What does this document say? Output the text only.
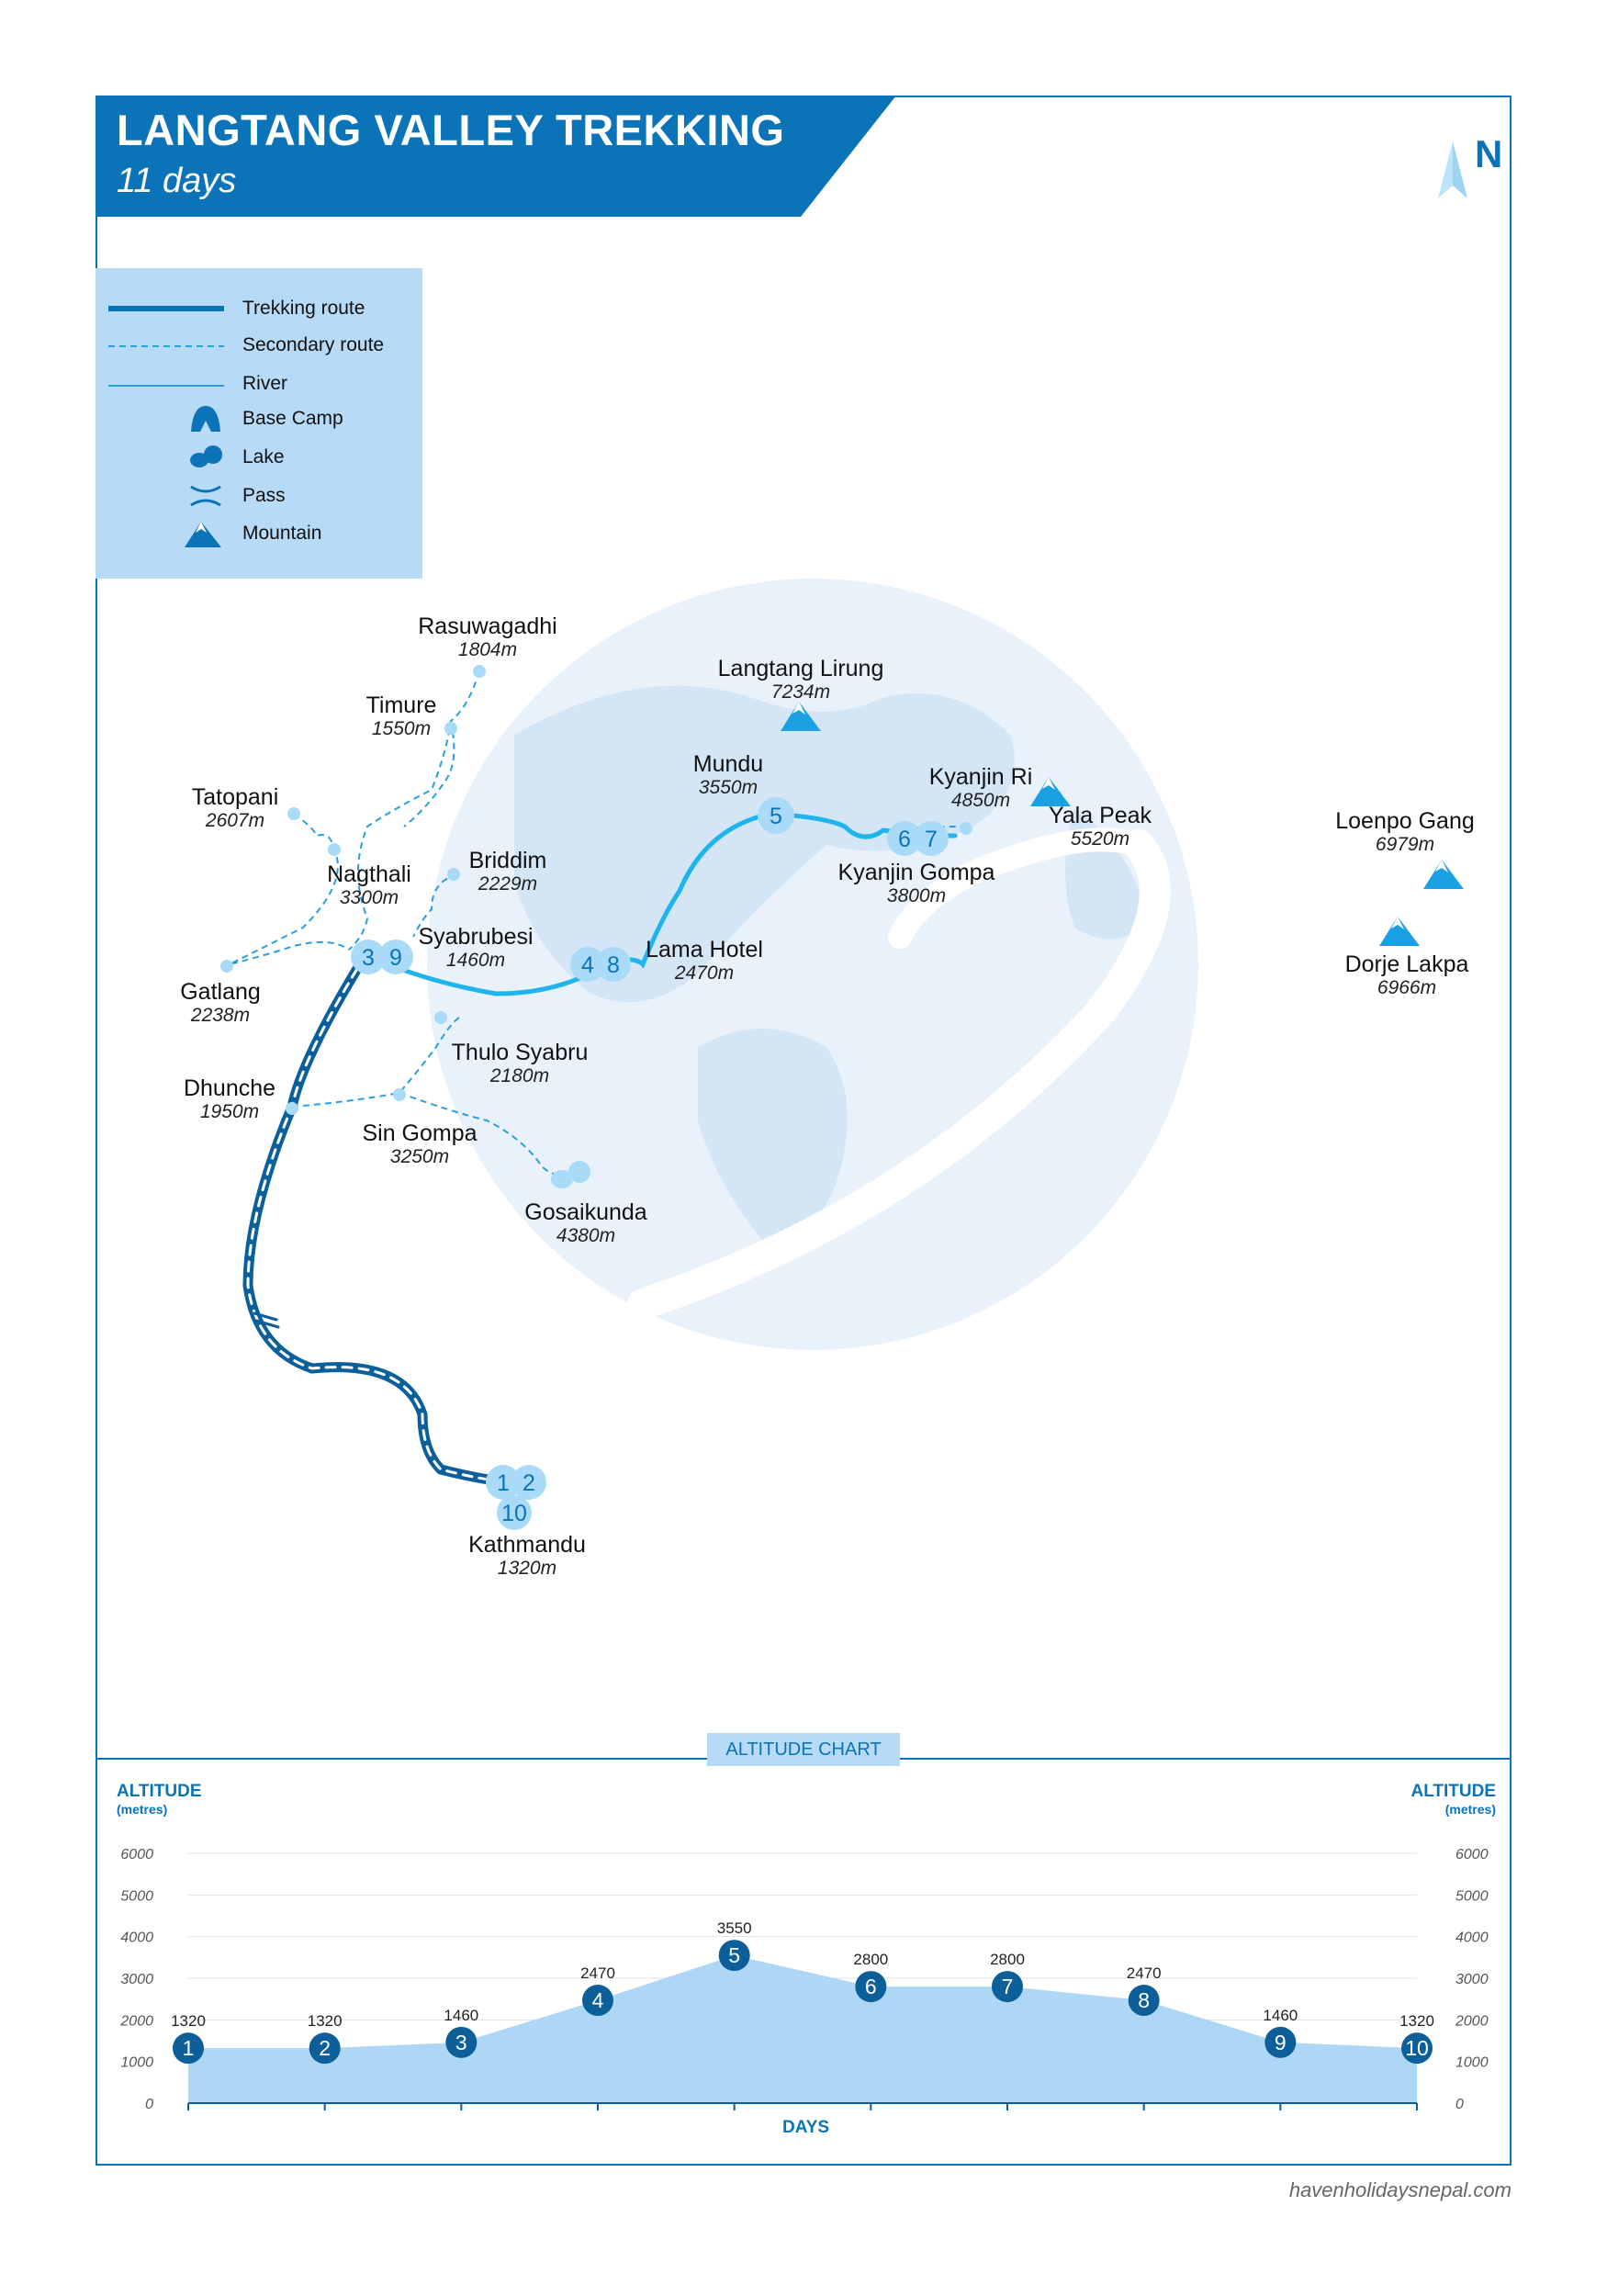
LANGTANG VALLEY TREKKING
11 days
N
Trekking route
Secondary route
River
Base Camp
Lake
Pass
Mountain
3 9	4 8
5
6 7
1 2
10
Rasuwagadhi
1804m
Timure
1550m
Tatopani
2607m
Nagthali
3300m
Briddim
2229m
Syabrubesi
1460m
Gatlang
2238m
Dhunche
1950m
Thulo Syabru
2180m
Sin Gompa
3250m
Gosaikunda
4380m
Kathmandu
1320m
Lama Hotel
2470m
Mundu
3550m
Langtang Lirung
7234m
Kyanjin Ri
4850m
Yala Peak
5520m
Kyanjin Gompa
3800m
Loenpo Gang
6979m
Dorje Lakpa
6966m
ALTITUDE CHART
ALTITUDE
(metres)
ALTITUDE
(metres)
0	0
1000	1000
2000	2000
3000	3000
4000	4000
5000	5000
6000	6000
1
1320
2
1320
3
1460
4
2470
5
3550
6
2800
7
2800
8
2470
9
1460
10
1320
DAYS
havenholidaysnepal.com
